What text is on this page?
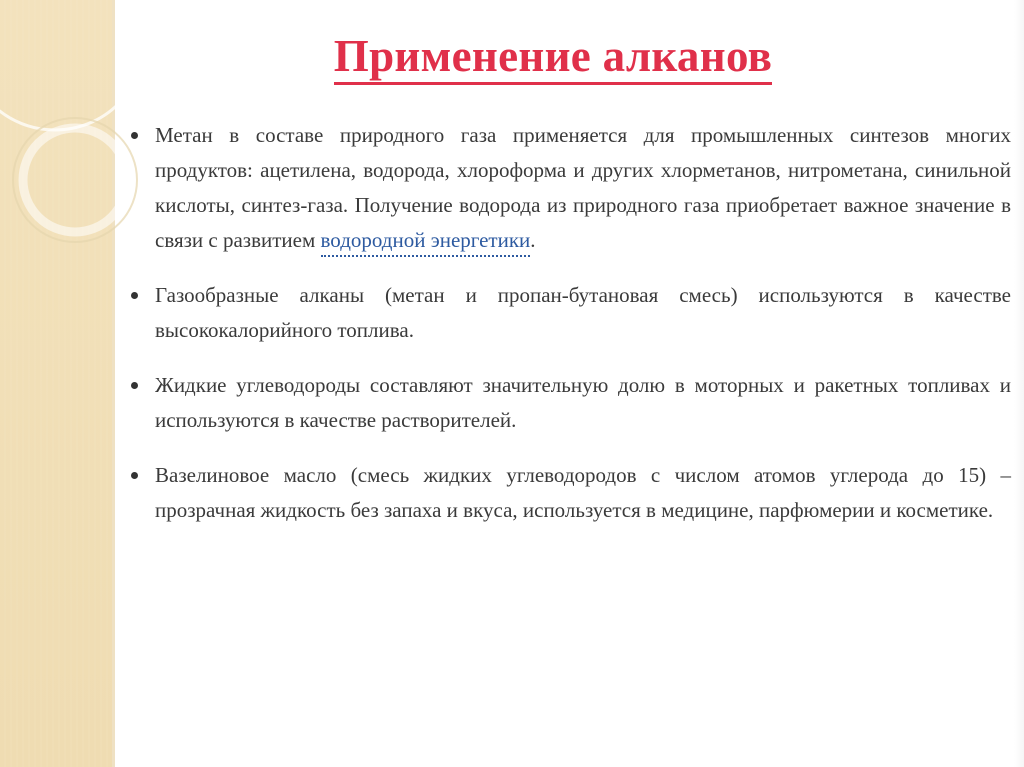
Применение алканов
Метан в составе природного газа применяется для промышленных синтезов многих продуктов: ацетилена, водорода, хлороформа и других хлорметанов, нитрометана, синильной кислоты, синтез-газа. Получение водорода из природного газа приобретает важное значение в связи с развитием водородной энергетики.
Газообразные алканы (метан и пропан-бутановая смесь) используются в качестве высококалорийного топлива.
Жидкие углеводороды составляют значительную долю в моторных и ракетных топливах и используются в качестве растворителей.
Вазелиновое масло (смесь жидких углеводородов с числом атомов углерода до 15) – прозрачная жидкость без запаха и вкуса, используется в медицине, парфюмерии и косметике.
